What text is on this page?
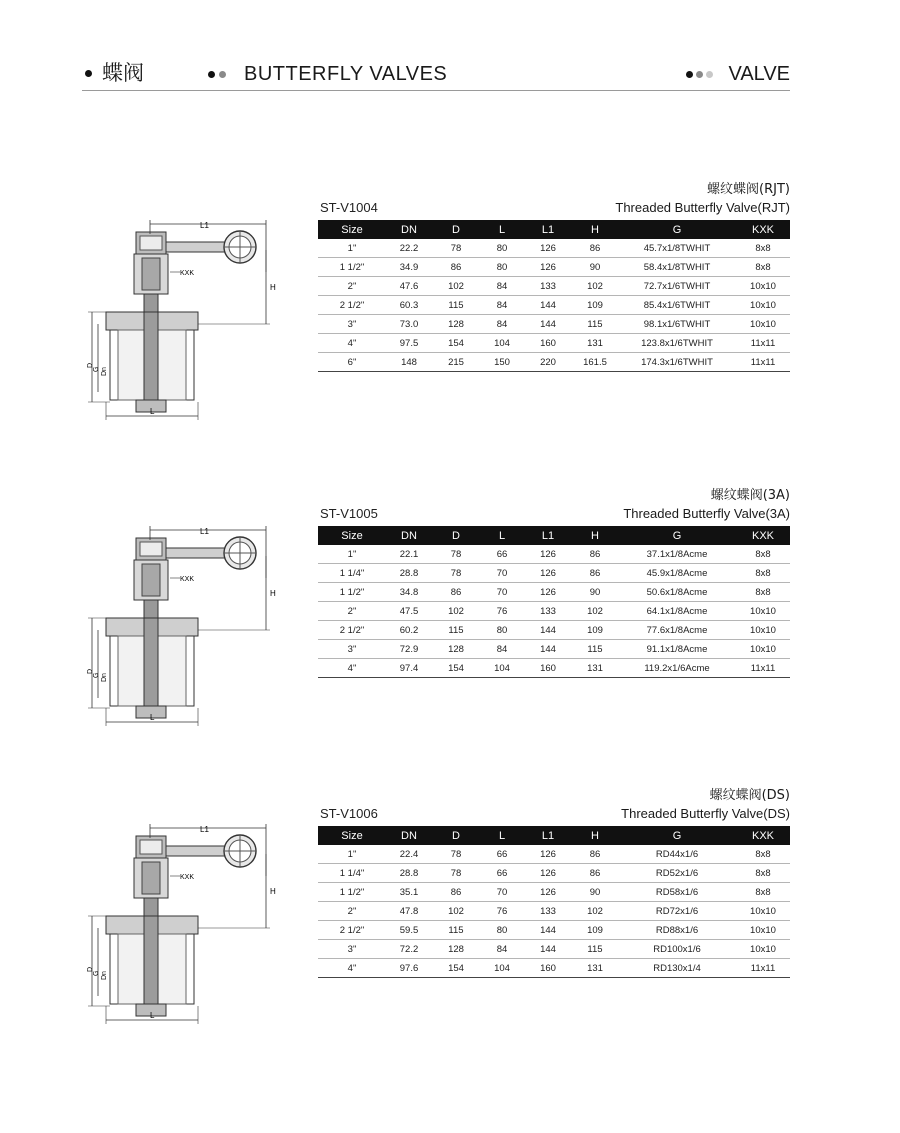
蝶阀	BUTTERFLY VALVES	VALVE
L1
KXK
H
L
D
G Dn
螺纹蝶阀(RJT)
ST-V1004	Threaded Butterfly Valve(RJT)
Size	DN	D	L	L1	H	G	KXK
1"	22.2	78	80	126	86	45.7x1/8TWHIT	8x8
1 1/2"	34.9	86	80	126	90	58.4x1/8TWHIT	8x8
2"	47.6	102	84	133	102	72.7x1/6TWHIT	10x10
2 1/2"	60.3	115	84	144	109	85.4x1/6TWHIT	10x10
3"	73.0	128	84	144	115	98.1x1/6TWHIT	10x10
4"	97.5	154	104	160	131	123.8x1/6TWHIT	11x11
6"	148	215	150	220	161.5	174.3x1/6TWHIT	11x11
L1
KXK
H
L
D
G Dn
螺纹蝶阀(3A)
ST-V1005	Threaded Butterfly Valve(3A)
Size	DN	D	L	L1	H	G	KXK
1"	22.1	78	66	126	86	37.1x1/8Acme	8x8
1 1/4"	28.8	78	70	126	86	45.9x1/8Acme	8x8
1 1/2"	34.8	86	70	126	90	50.6x1/8Acme	8x8
2"	47.5	102	76	133	102	64.1x1/8Acme	10x10
2 1/2"	60.2	115	80	144	109	77.6x1/8Acme	10x10
3"	72.9	128	84	144	115	91.1x1/8Acme	10x10
4"	97.4	154	104	160	131	119.2x1/6Acme	11x11
L1
KXK
H
L
D
G Dn
螺纹蝶阀(DS)
ST-V1006	Threaded Butterfly Valve(DS)
Size	DN	D	L	L1	H	G	KXK
1"	22.4	78	66	126	86	RD44x1/6	8x8
1 1/4"	28.8	78	66	126	86	RD52x1/6	8x8
1 1/2"	35.1	86	70	126	90	RD58x1/6	8x8
2"	47.8	102	76	133	102	RD72x1/6	10x10
2 1/2"	59.5	115	80	144	109	RD88x1/6	10x10
3"	72.2	128	84	144	115	RD100x1/6	10x10
4"	97.6	154	104	160	131	RD130x1/4	11x11
